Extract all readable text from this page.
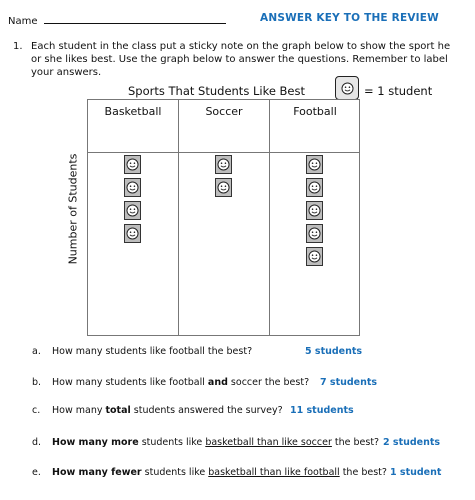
Name	ANSWER KEY TO THE REVIEW
1. Each student in the class put a sticky note on the graph below to show the sport he or she likes best. Use the graph below to answer the questions. Remember to label your answers.
Sports That Students Like Best	= 1 student
Number of Students
Basketball	Soccer	Football
a. How many students like football the best?	5 students
b. How many students like football and soccer the best? 7 students
c. How many total students answered the survey? 11 students
d. How many more students like basketball than like soccer the best? 2 students
e. How many fewer students like basketball than like football the best? 1 student
